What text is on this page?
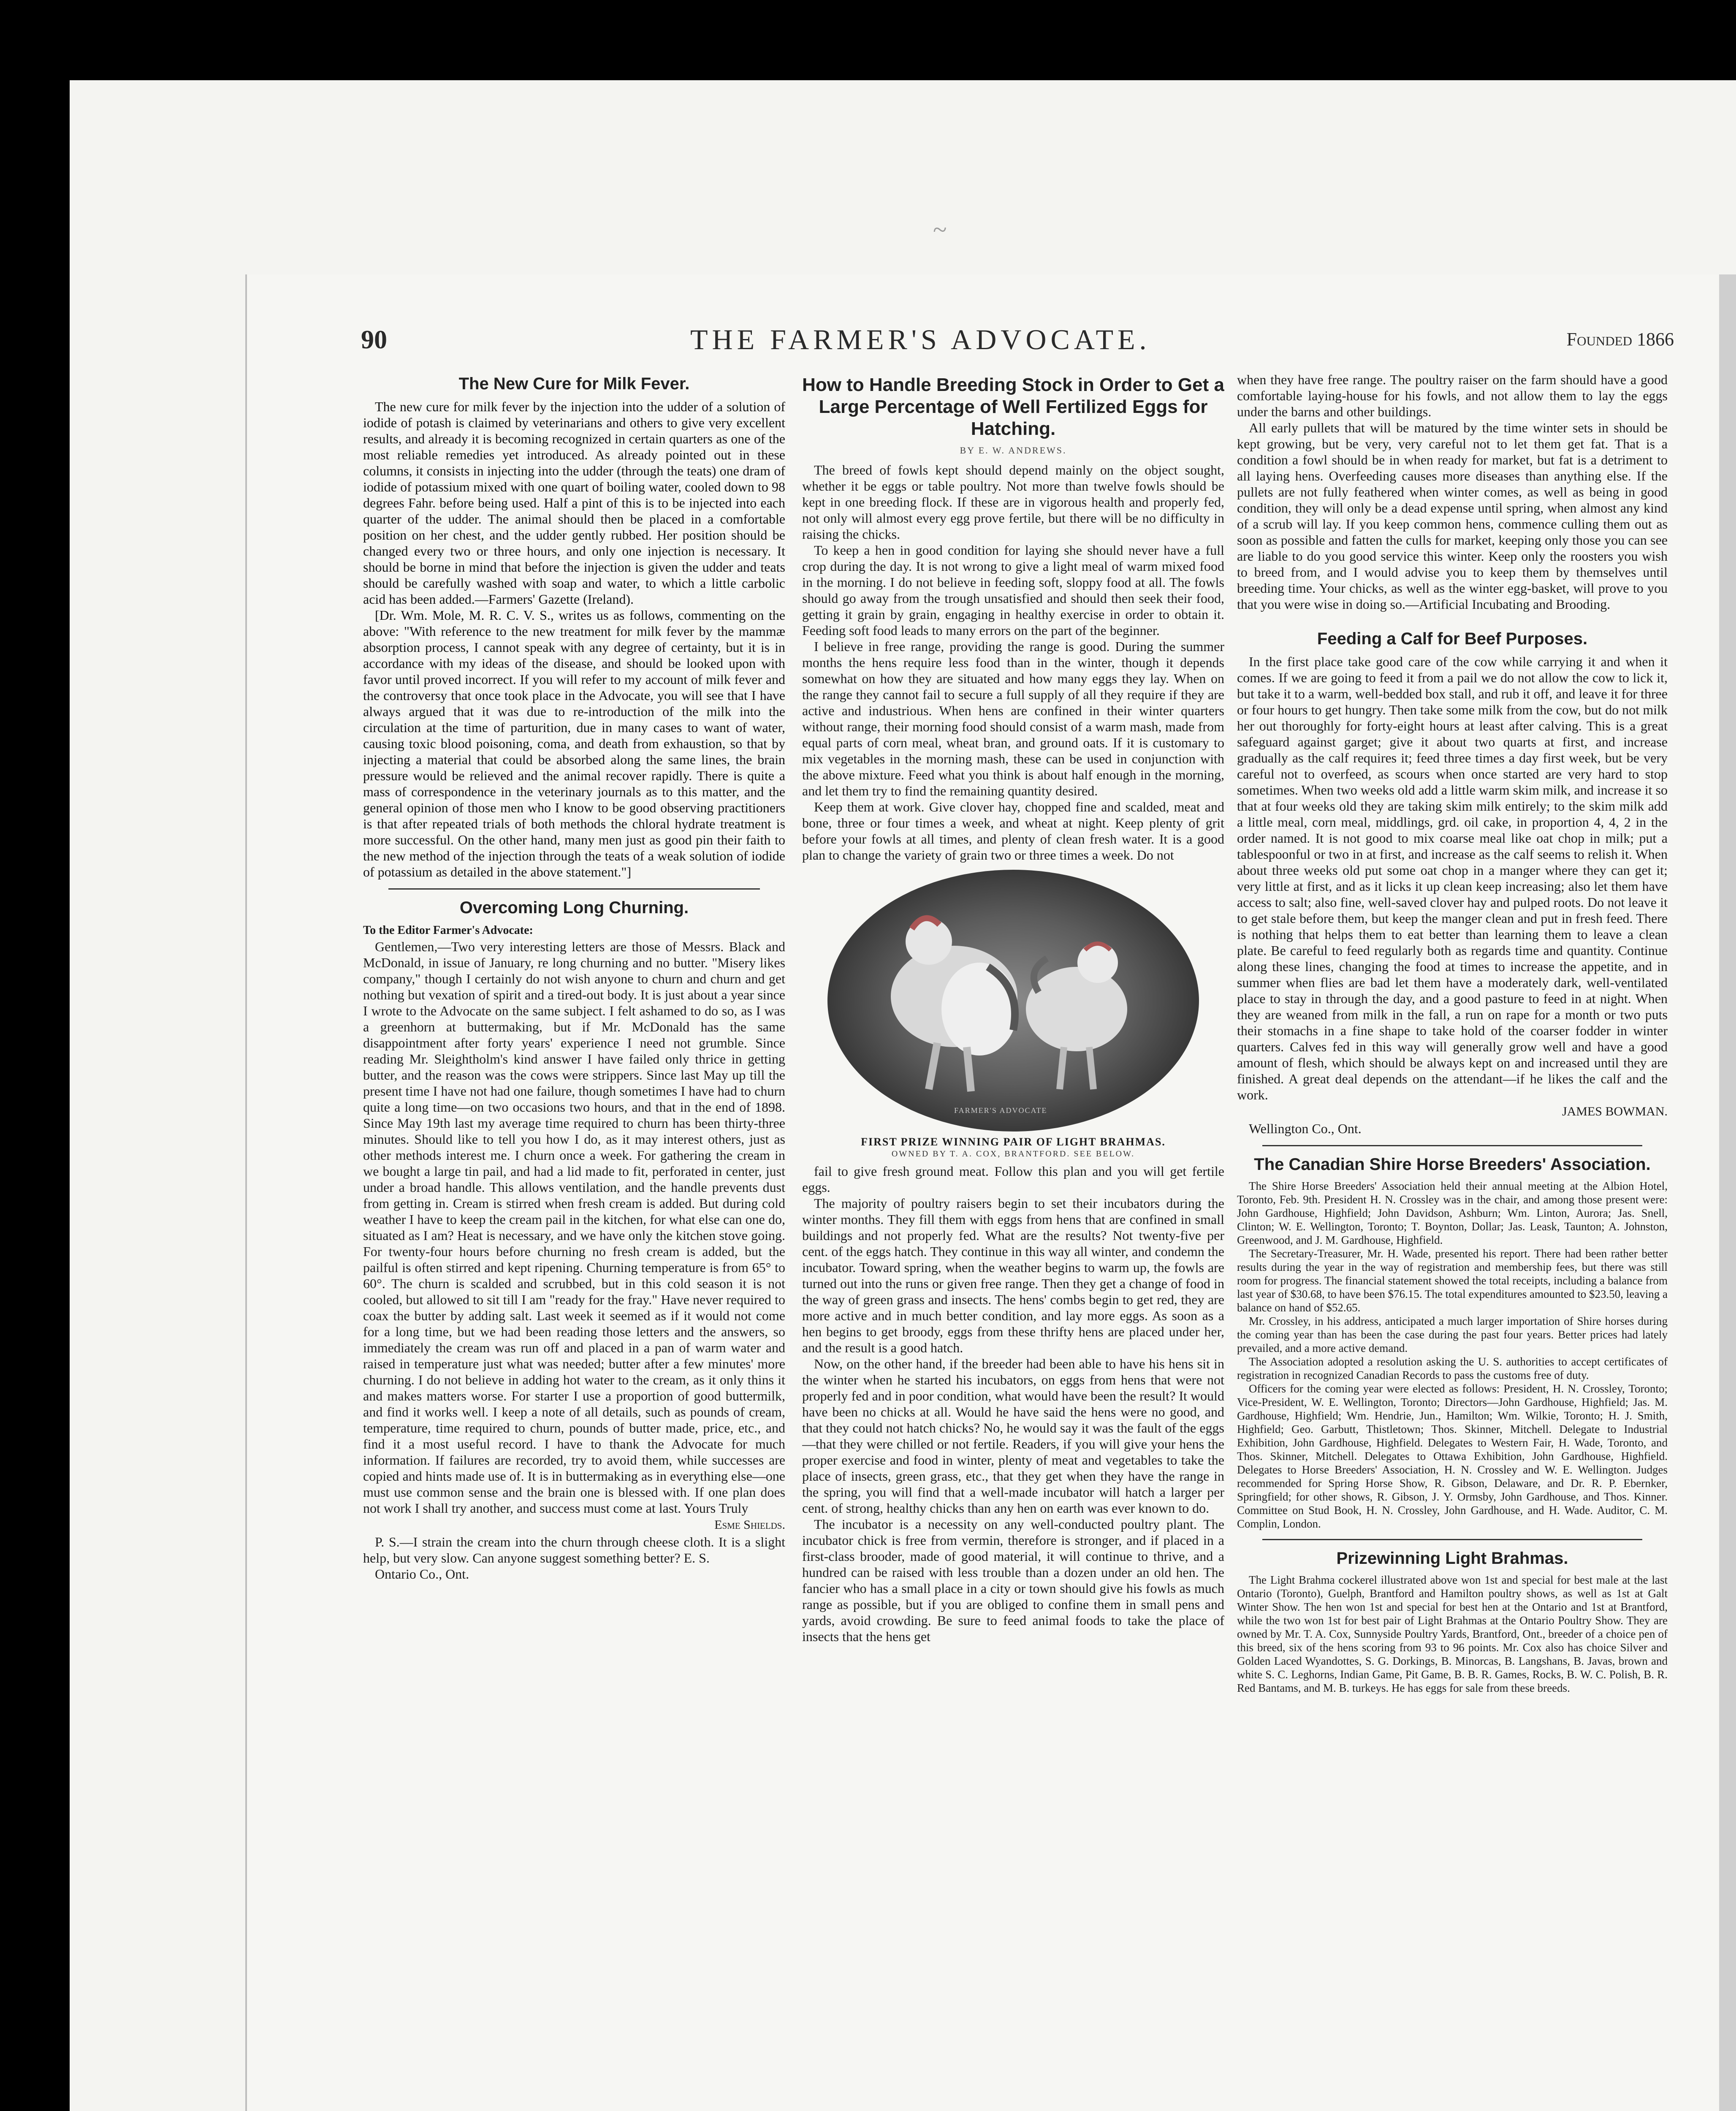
~
90	THE FARMER'S ADVOCATE.	Founded 1866
The New Cure for Milk Fever.

The new cure for milk fever by the injection into the udder of a solution of iodide of potash is claimed by veterinarians and others to give very excellent results, and already it is becoming recognized in certain quarters as one of the most reliable remedies yet introduced. As already pointed out in these columns, it consists in injecting into the udder (through the teats) one dram of iodide of potassium mixed with one quart of boiling water, cooled down to 98 degrees Fahr. before being used. Half a pint of this is to be injected into each quarter of the udder. The animal should then be placed in a comfortable position on her chest, and the udder gently rubbed. Her position should be changed every two or three hours, and only one injection is necessary. It should be borne in mind that before the injection is given the udder and teats should be carefully washed with soap and water, to which a little carbolic acid has been added.—Farmers' Gazette (Ireland).

[Dr. Wm. Mole, M. R. C. V. S., writes us as follows, commenting on the above: "With reference to the new treatment for milk fever by the mammæ absorption process, I cannot speak with any degree of certainty, but it is in accordance with my ideas of the disease, and should be looked upon with favor until proved incorrect. If you will refer to my account of milk fever and the controversy that once took place in the Advocate, you will see that I have always argued that it was due to re-introduction of the milk into the circulation at the time of parturition, due in many cases to want of water, causing toxic blood poisoning, coma, and death from exhaustion, so that by injecting a material that could be absorbed along the same lines, the brain pressure would be relieved and the animal recover rapidly. There is quite a mass of correspondence in the veterinary journals as to this matter, and the general opinion of those men who I know to be good observing practitioners is that after repeated trials of both methods the chloral hydrate treatment is more successful. On the other hand, many men just as good pin their faith to the new method of the injection through the teats of a weak solution of iodide of potassium as detailed in the above statement."]

Overcoming Long Churning.

To the Editor Farmer's Advocate:

Gentlemen,—Two very interesting letters are those of Messrs. Black and McDonald, in issue of January, re long churning and no butter. "Misery likes company," though I certainly do not wish anyone to churn and churn and get nothing but vexation of spirit and a tired-out body. It is just about a year since I wrote to the Advocate on the same subject. I felt ashamed to do so, as I was a greenhorn at buttermaking, but if Mr. McDonald has the same disappointment after forty years' experience I need not grumble. Since reading Mr. Sleightholm's kind answer I have failed only thrice in getting butter, and the reason was the cows were strippers. Since last May up till the present time I have not had one failure, though sometimes I have had to churn quite a long time—on two occasions two hours, and that in the end of 1898. Since May 19th last my average time required to churn has been thirty-three minutes. Should like to tell you how I do, as it may interest others, just as other methods interest me. I churn once a week. For gathering the cream in we bought a large tin pail, and had a lid made to fit, perforated in center, just under a broad handle. This allows ventilation, and the handle prevents dust from getting in. Cream is stirred when fresh cream is added. But during cold weather I have to keep the cream pail in the kitchen, for what else can one do, situated as I am? Heat is necessary, and we have only the kitchen stove going. For twenty-four hours before churning no fresh cream is added, but the pailful is often stirred and kept ripening. Churning temperature is from 65° to 60°. The churn is scalded and scrubbed, but in this cold season it is not cooled, but allowed to sit till I am "ready for the fray." Have never required to coax the butter by adding salt. Last week it seemed as if it would not come for a long time, but we had been reading those letters and the answers, so immediately the cream was run off and placed in a pan of warm water and raised in temperature just what was needed; butter after a few minutes' more churning. I do not believe in adding hot water to the cream, as it only thins it and makes matters worse. For starter I use a proportion of good buttermilk, and find it works well. I keep a note of all details, such as pounds of cream, temperature, time required to churn, pounds of butter made, price, etc., and find it a most useful record. I have to thank the Advocate for much information. If failures are recorded, try to avoid them, while successes are copied and hints made use of. It is in buttermaking as in everything else—one must use common sense and the brain one is blessed with. If one plan does not work I shall try another, and success must come at last. Yours Truly

Esme Shields.

P. S.—I strain the cream into the churn through cheese cloth. It is a slight help, but very slow. Can anyone suggest something better? E. S.

Ontario Co., Ont.

How to Handle Breeding Stock in Order to Get a Large Percentage of Well Fertilized Eggs for Hatching.
BY E. W. ANDREWS.

The breed of fowls kept should depend mainly on the object sought, whether it be eggs or table poultry. Not more than twelve fowls should be kept in one breeding flock. If these are in vigorous health and properly fed, not only will almost every egg prove fertile, but there will be no difficulty in raising the chicks.

To keep a hen in good condition for laying she should never have a full crop during the day. It is not wrong to give a light meal of warm mixed food in the morning. I do not believe in feeding soft, sloppy food at all. The fowls should go away from the trough unsatisfied and should then seek their food, getting it grain by grain, engaging in healthy exercise in order to obtain it. Feeding soft food leads to many errors on the part of the beginner.

I believe in free range, providing the range is good. During the summer months the hens require less food than in the winter, though it depends somewhat on how they are situated and how many eggs they lay. When on the range they cannot fail to secure a full supply of all they require if they are active and industrious. When hens are confined in their winter quarters without range, their morning food should consist of a warm mash, made from equal parts of corn meal, wheat bran, and ground oats. If it is customary to mix vegetables in the morning mash, these can be used in conjunction with the above mixture. Feed what you think is about half enough in the morning, and let them try to find the remaining quantity desired.

Keep them at work. Give clover hay, chopped fine and scalded, meat and bone, three or four times a week, and wheat at night. Keep plenty of grit before your fowls at all times, and plenty of clean fresh water. It is a good plan to change the variety of grain two or three times a week. Do not

FARMER'S ADVOCATE
FIRST PRIZE WINNING PAIR OF LIGHT BRAHMAS.
OWNED BY T. A. COX, BRANTFORD. SEE BELOW.

fail to give fresh ground meat. Follow this plan and you will get fertile eggs.

The majority of poultry raisers begin to set their incubators during the winter months. They fill them with eggs from hens that are confined in small buildings and not properly fed. What are the results? Not twenty-five per cent. of the eggs hatch. They continue in this way all winter, and condemn the incubator. Toward spring, when the weather begins to warm up, the fowls are turned out into the runs or given free range. Then they get a change of food in the way of green grass and insects. The hens' combs begin to get red, they are more active and in much better condition, and lay more eggs. As soon as a hen begins to get broody, eggs from these thrifty hens are placed under her, and the result is a good hatch.

Now, on the other hand, if the breeder had been able to have his hens sit in the winter when he started his incubators, on eggs from hens that were not properly fed and in poor condition, what would have been the result? It would have been no chicks at all. Would he have said the hens were no good, and that they could not hatch chicks? No, he would say it was the fault of the eggs—that they were chilled or not fertile. Readers, if you will give your hens the proper exercise and food in winter, plenty of meat and vegetables to take the place of insects, green grass, etc., that they get when they have the range in the spring, you will find that a well-made incubator will hatch a larger per cent. of strong, healthy chicks than any hen on earth was ever known to do.

The incubator is a necessity on any well-conducted poultry plant. The incubator chick is free from vermin, therefore is stronger, and if placed in a first-class brooder, made of good material, it will continue to thrive, and a hundred can be raised with less trouble than a dozen under an old hen. The fancier who has a small place in a city or town should give his fowls as much range as possible, but if you are obliged to confine them in small pens and yards, avoid crowding. Be sure to feed animal foods to take the place of insects that the hens get

when they have free range. The poultry raiser on the farm should have a good comfortable laying-house for his fowls, and not allow them to lay the eggs under the barns and other buildings.

All early pullets that will be matured by the time winter sets in should be kept growing, but be very, very careful not to let them get fat. That is a condition a fowl should be in when ready for market, but fat is a detriment to all laying hens. Overfeeding causes more diseases than anything else. If the pullets are not fully feathered when winter comes, as well as being in good condition, they will only be a dead expense until spring, when almost any kind of a scrub will lay. If you keep common hens, commence culling them out as soon as possible and fatten the culls for market, keeping only those you can see are liable to do you good service this winter. Keep only the roosters you wish to breed from, and I would advise you to keep them by themselves until breeding time. Your chicks, as well as the winter egg-basket, will prove to you that you were wise in doing so.—Artificial Incubating and Brooding.

Feeding a Calf for Beef Purposes.

In the first place take good care of the cow while carrying it and when it comes. If we are going to feed it from a pail we do not allow the cow to lick it, but take it to a warm, well-bedded box stall, and rub it off, and leave it for three or four hours to get hungry. Then take some milk from the cow, but do not milk her out thoroughly for forty-eight hours at least after calving. This is a great safeguard against garget; give it about two quarts at first, and increase gradually as the calf requires it; feed three times a day first week, but be very careful not to overfeed, as scours when once started are very hard to stop sometimes. When two weeks old add a little warm skim milk, and increase it so that at four weeks old they are taking skim milk entirely; to the skim milk add a little meal, corn meal, middlings, grd. oil cake, in proportion 4, 4, 2 in the order named. It is not good to mix coarse meal like oat chop in milk; put a tablespoonful or two in at first, and increase as the calf seems to relish it. When about three weeks old put some oat chop in a manger where they can get it; very little at first, and as it licks it up clean keep increasing; also let them have access to salt; also fine, well-saved clover hay and pulped roots. Do not leave it to get stale before them, but keep the manger clean and put in fresh feed. There is nothing that helps them to eat better than learning them to leave a clean plate. Be careful to feed regularly both as regards time and quantity. Continue along these lines, changing the food at times to increase the appetite, and in summer when flies are bad let them have a moderately dark, well-ventilated place to stay in through the day, and a good pasture to feed in at night. When they are weaned from milk in the fall, a run on rape for a month or two puts their stomachs in a fine shape to take hold of the coarser fodder in winter quarters. Calves fed in this way will generally grow well and have a good amount of flesh, which should be always kept on and increased until they are finished. A great deal depends on the attendant—if he likes the calf and the work.

JAMES BOWMAN.

Wellington Co., Ont.

The Canadian Shire Horse Breeders' Association.

The Shire Horse Breeders' Association held their annual meeting at the Albion Hotel, Toronto, Feb. 9th. President H. N. Crossley was in the chair, and among those present were: John Gardhouse, Highfield; John Davidson, Ashburn; Wm. Linton, Aurora; Jas. Snell, Clinton; W. E. Wellington, Toronto; T. Boynton, Dollar; Jas. Leask, Taunton; A. Johnston, Greenwood, and J. M. Gardhouse, Highfield.

The Secretary-Treasurer, Mr. H. Wade, presented his report. There had been rather better results during the year in the way of registration and membership fees, but there was still room for progress. The financial statement showed the total receipts, including a balance from last year of $30.68, to have been $76.15. The total expenditures amounted to $23.50, leaving a balance on hand of $52.65.

Mr. Crossley, in his address, anticipated a much larger importation of Shire horses during the coming year than has been the case during the past four years. Better prices had lately prevailed, and a more active demand.

The Association adopted a resolution asking the U. S. authorities to accept certificates of registration in recognized Canadian Records to pass the customs free of duty.

Officers for the coming year were elected as follows: President, H. N. Crossley, Toronto; Vice-President, W. E. Wellington, Toronto; Directors—John Gardhouse, Highfield; Jas. M. Gardhouse, Highfield; Wm. Hendrie, Jun., Hamilton; Wm. Wilkie, Toronto; H. J. Smith, Highfield; Geo. Garbutt, Thistletown; Thos. Skinner, Mitchell. Delegate to Industrial Exhibition, John Gardhouse, Highfield. Delegates to Western Fair, H. Wade, Toronto, and Thos. Skinner, Mitchell. Delegates to Ottawa Exhibition, John Gardhouse, Highfield. Delegates to Horse Breeders' Association, H. N. Crossley and W. E. Wellington. Judges recommended for Spring Horse Show, R. Gibson, Delaware, and Dr. R. P. Ebernker, Springfield; for other shows, R. Gibson, J. Y. Ormsby, John Gardhouse, and Thos. Kinner. Committee on Stud Book, H. N. Crossley, John Gardhouse, and H. Wade. Auditor, C. M. Complin, London.

Prizewinning Light Brahmas.

The Light Brahma cockerel illustrated above won 1st and special for best male at the last Ontario (Toronto), Guelph, Brantford and Hamilton poultry shows, as well as 1st at Galt Winter Show. The hen won 1st and special for best hen at the Ontario and 1st at Brantford, while the two won 1st for best pair of Light Brahmas at the Ontario Poultry Show. They are owned by Mr. T. A. Cox, Sunnyside Poultry Yards, Brantford, Ont., breeder of a choice pen of this breed, six of the hens scoring from 93 to 96 points. Mr. Cox also has choice Silver and Golden Laced Wyandottes, S. G. Dorkings, B. Minorcas, B. Langshans, B. Javas, brown and white S. C. Leghorns, Indian Game, Pit Game, B. B. R. Games, Rocks, B. W. C. Polish, B. R. Red Bantams, and M. B. turkeys. He has eggs for sale from these breeds.
